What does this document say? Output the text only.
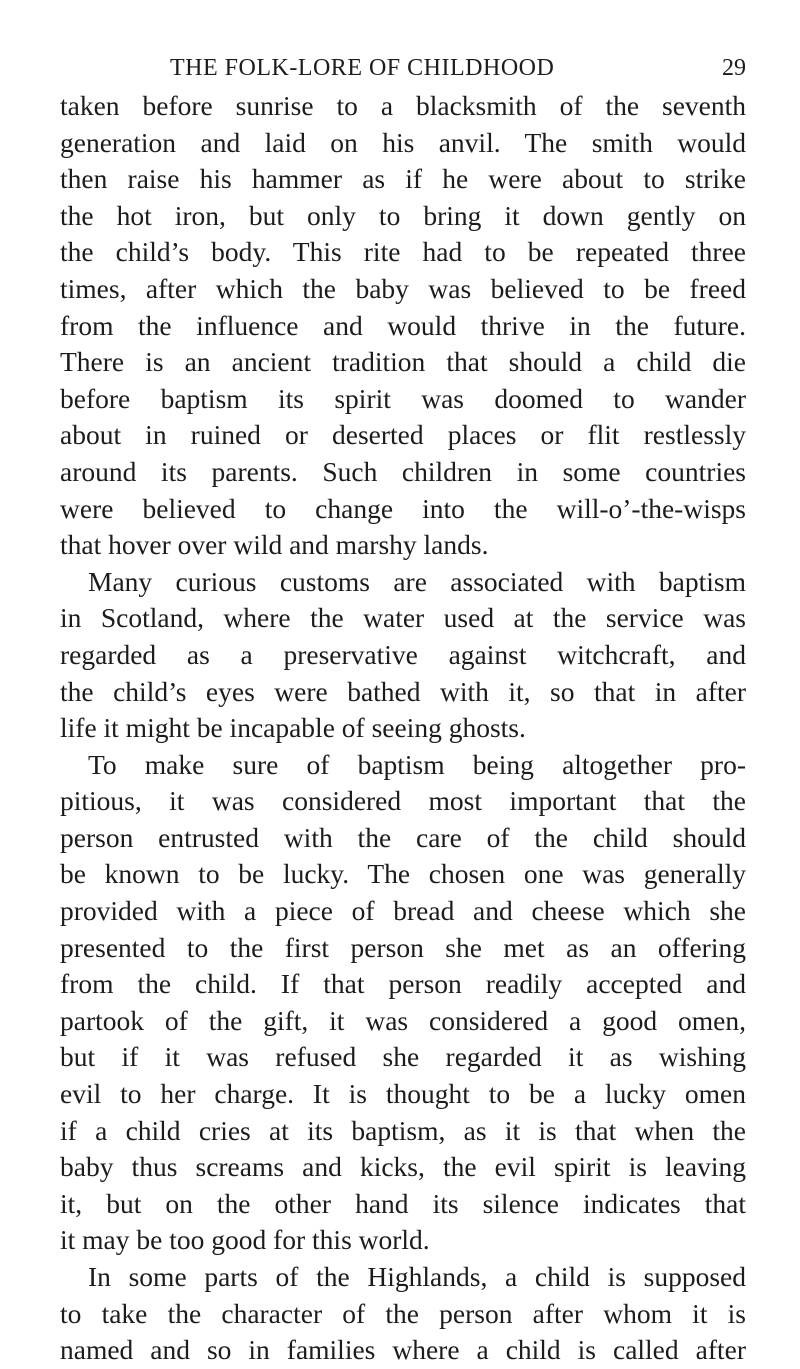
THE FOLK-LORE OF CHILDHOOD	29
taken before sunrise to a blacksmith of the seventh
generation and laid on his anvil. The smith would
then raise his hammer as if he were about to strike
the hot iron, but only to bring it down gently on
the child’s body. This rite had to be repeated three
times, after which the baby was believed to be freed
from the influence and would thrive in the future.
There is an ancient tradition that should a child die
before baptism its spirit was doomed to wander
about in ruined or deserted places or flit restlessly
around its parents. Such children in some countries
were believed to change into the will-o’-the-wisps
that hover over wild and marshy lands.
Many curious customs are associated with baptism
in Scotland, where the water used at the service was
regarded as a preservative against witchcraft, and
the child’s eyes were bathed with it, so that in after
life it might be incapable of seeing ghosts.
To make sure of baptism being altogether pro-
pitious, it was considered most important that the
person entrusted with the care of the child should
be known to be lucky. The chosen one was generally
provided with a piece of bread and cheese which she
presented to the first person she met as an offering
from the child. If that person readily accepted and
partook of the gift, it was considered a good omen,
but if it was refused she regarded it as wishing
evil to her charge. It is thought to be a lucky omen
if a child cries at its baptism, as it is that when the
baby thus screams and kicks, the evil spirit is leaving
it, but on the other hand its silence indicates that
it may be too good for this world.
In some parts of the Highlands, a child is supposed
to take the character of the person after whom it is
named and so in families where a child is called after
